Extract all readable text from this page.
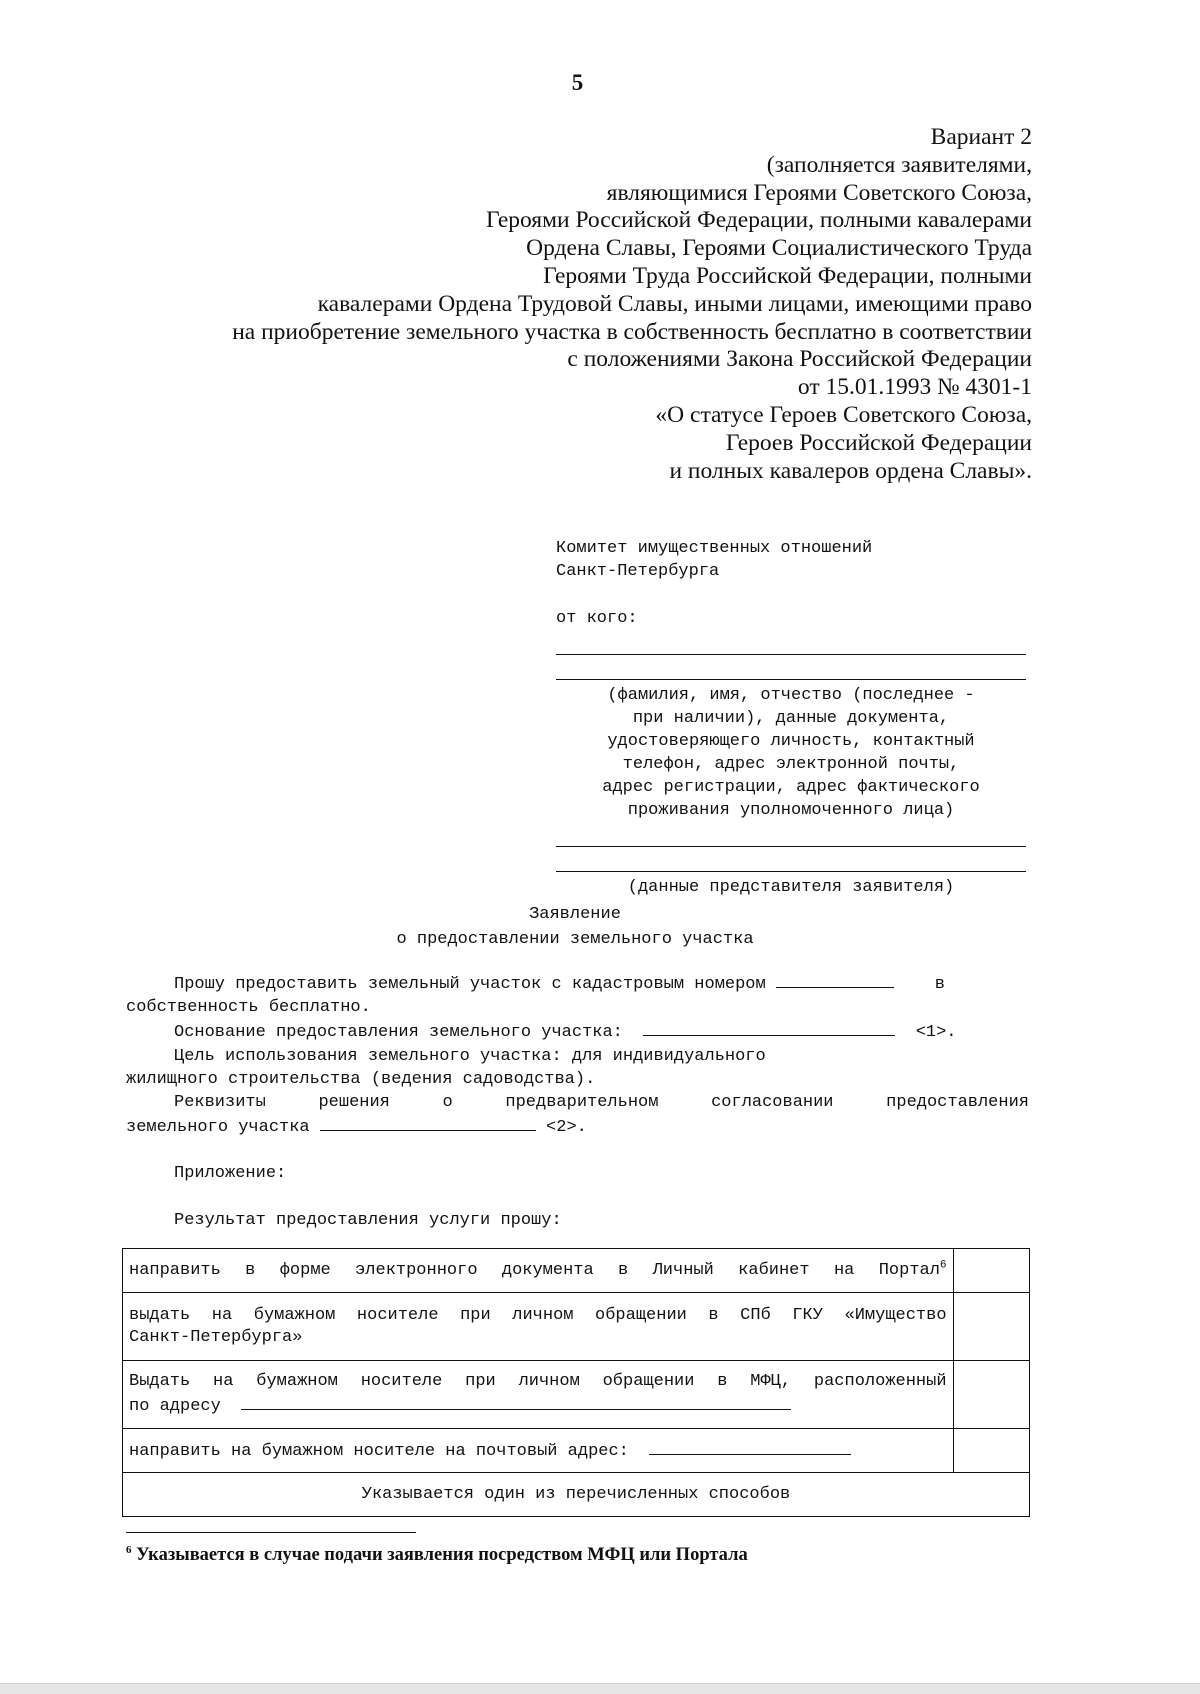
5
Вариант 2
(заполняется заявителями,
являющимися Героями Советского Союза,
Героями Российской Федерации, полными кавалерами
Ордена Славы, Героями Социалистического Труда
Героями Труда Российской Федерации, полными
кавалерами Ордена Трудовой Славы, иными лицами, имеющими право
на приобретение земельного участка в собственность бесплатно в соответствии
с положениями Закона Российской Федерации
от 15.01.1993 № 4301-1
«О статусе Героев Советского Союза,
Героев Российской Федерации
и полных кавалеров ордена Славы».
Комитет имущественных отношений
Санкт-Петербурга
от кого:
(фамилия, имя, отчество (последнее -
при наличии), данные документа,
удостоверяющего личность, контактный
телефон, адрес электронной почты,
адрес регистрации, адрес фактического
проживания уполномоченного лица)
(данные представителя заявителя)
Заявление
о предоставлении земельного участка
Прошу предоставить земельный участок с кадастровым номером	в
собственность бесплатно.
Основание предоставления земельного участка:	<1>.
Цель использования земельного участка: для индивидуального
жилищного строительства (ведения садоводства).
Реквизиты решения о предварительном согласовании предоставления
земельного участка	<2>.
Приложение:
Результат предоставления услуги прошу:
направить в форме электронного документа в Личный кабинет на Портал$^6$	

выдать на бумажном носителе при личном обращении в СПб ГКУ «Имущество
Санкт-Петербурга»	

Выдать на бумажном носителе при личном обращении в МФЦ, расположенный
по адресу	

направить на бумажном носителе на почтовый адрес:	
Указывается один из перечисленных способов	
$^6$ Указывается в случае подачи заявления посредством МФЦ или Портала
